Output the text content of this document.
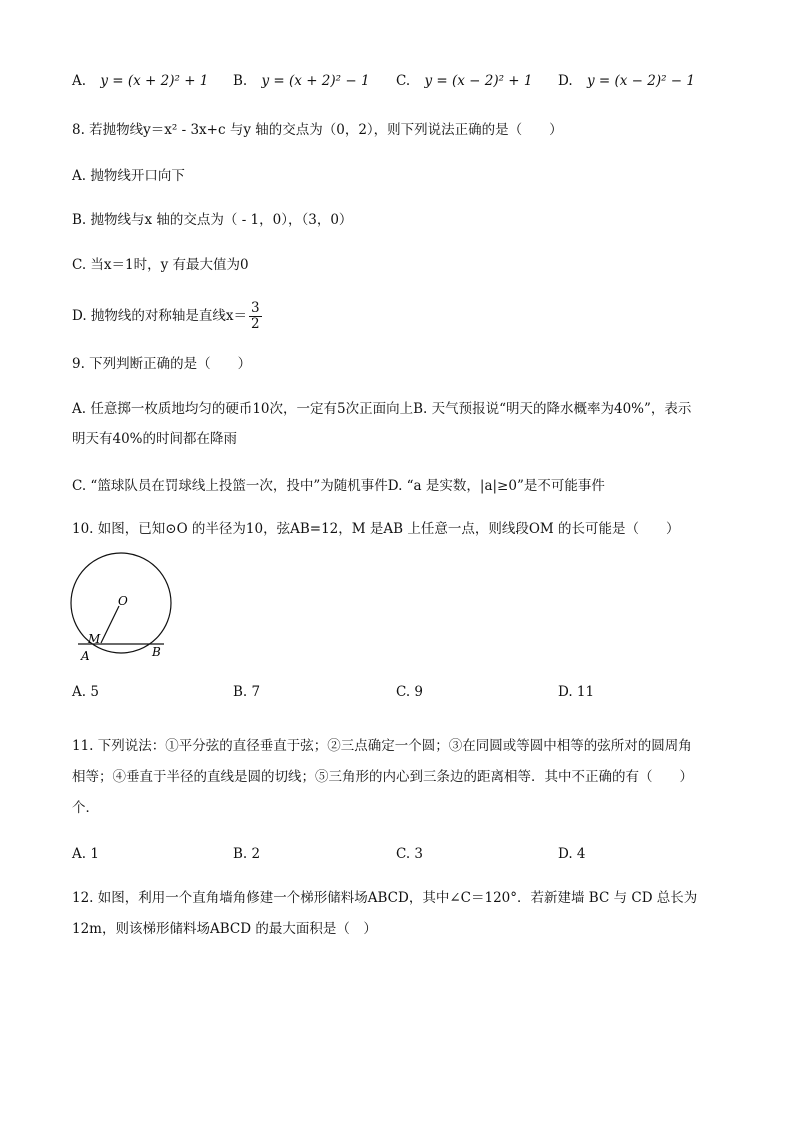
A. y = (x + 2)² + 1 B. y = (x + 2)² − 1 C. y = (x − 2)² + 1 D. y = (x − 2)² − 1
8. 若抛物线y＝x² - 3x+c 与y 轴的交点为（0，2），则下列说法正确的是（　　）
A. 抛物线开口向下
B. 抛物线与x 轴的交点为（ - 1，0），（3，0）
C. 当x＝1时，y 有最大值为0
D. 抛物线的对称轴是直线$x= \frac{3}{2}$
9. 下列判断正确的是（　　）
A. 任意掷一枚质地均匀的硬币10次，一定有5次正面向上B. 天气预报说“明天的降水概率为40%”，表示
明天有40%的时间都在降雨
C. “篮球队员在罚球线上投篮一次，投中”为随机事件D. “a 是实数，|a|≥0”是不可能事件
10. 如图，已知⊙O 的半径为10，弦AB=12，M 是AB 上任意一点，则线段OM 的长可能是（　　）
O
M
A	B
A. 5	B. 7	C. 9	D. 11
11. 下列说法：①平分弦的直径垂直于弦；②三点确定一个圆；③在同圆或等圆中相等的弦所对的圆周角
相等；④垂直于半径的直线是圆的切线；⑤三角形的内心到三条边的距离相等．其中不正确的有（　　）
个．
A. 1	B. 2	C. 3	D. 4
12. 如图，利用一个直角墙角修建一个梯形储料场ABCD，其中∠C＝120°．若新建墙 BC 与 CD 总长为
12m，则该梯形储料场ABCD 的最大面积是（　）
